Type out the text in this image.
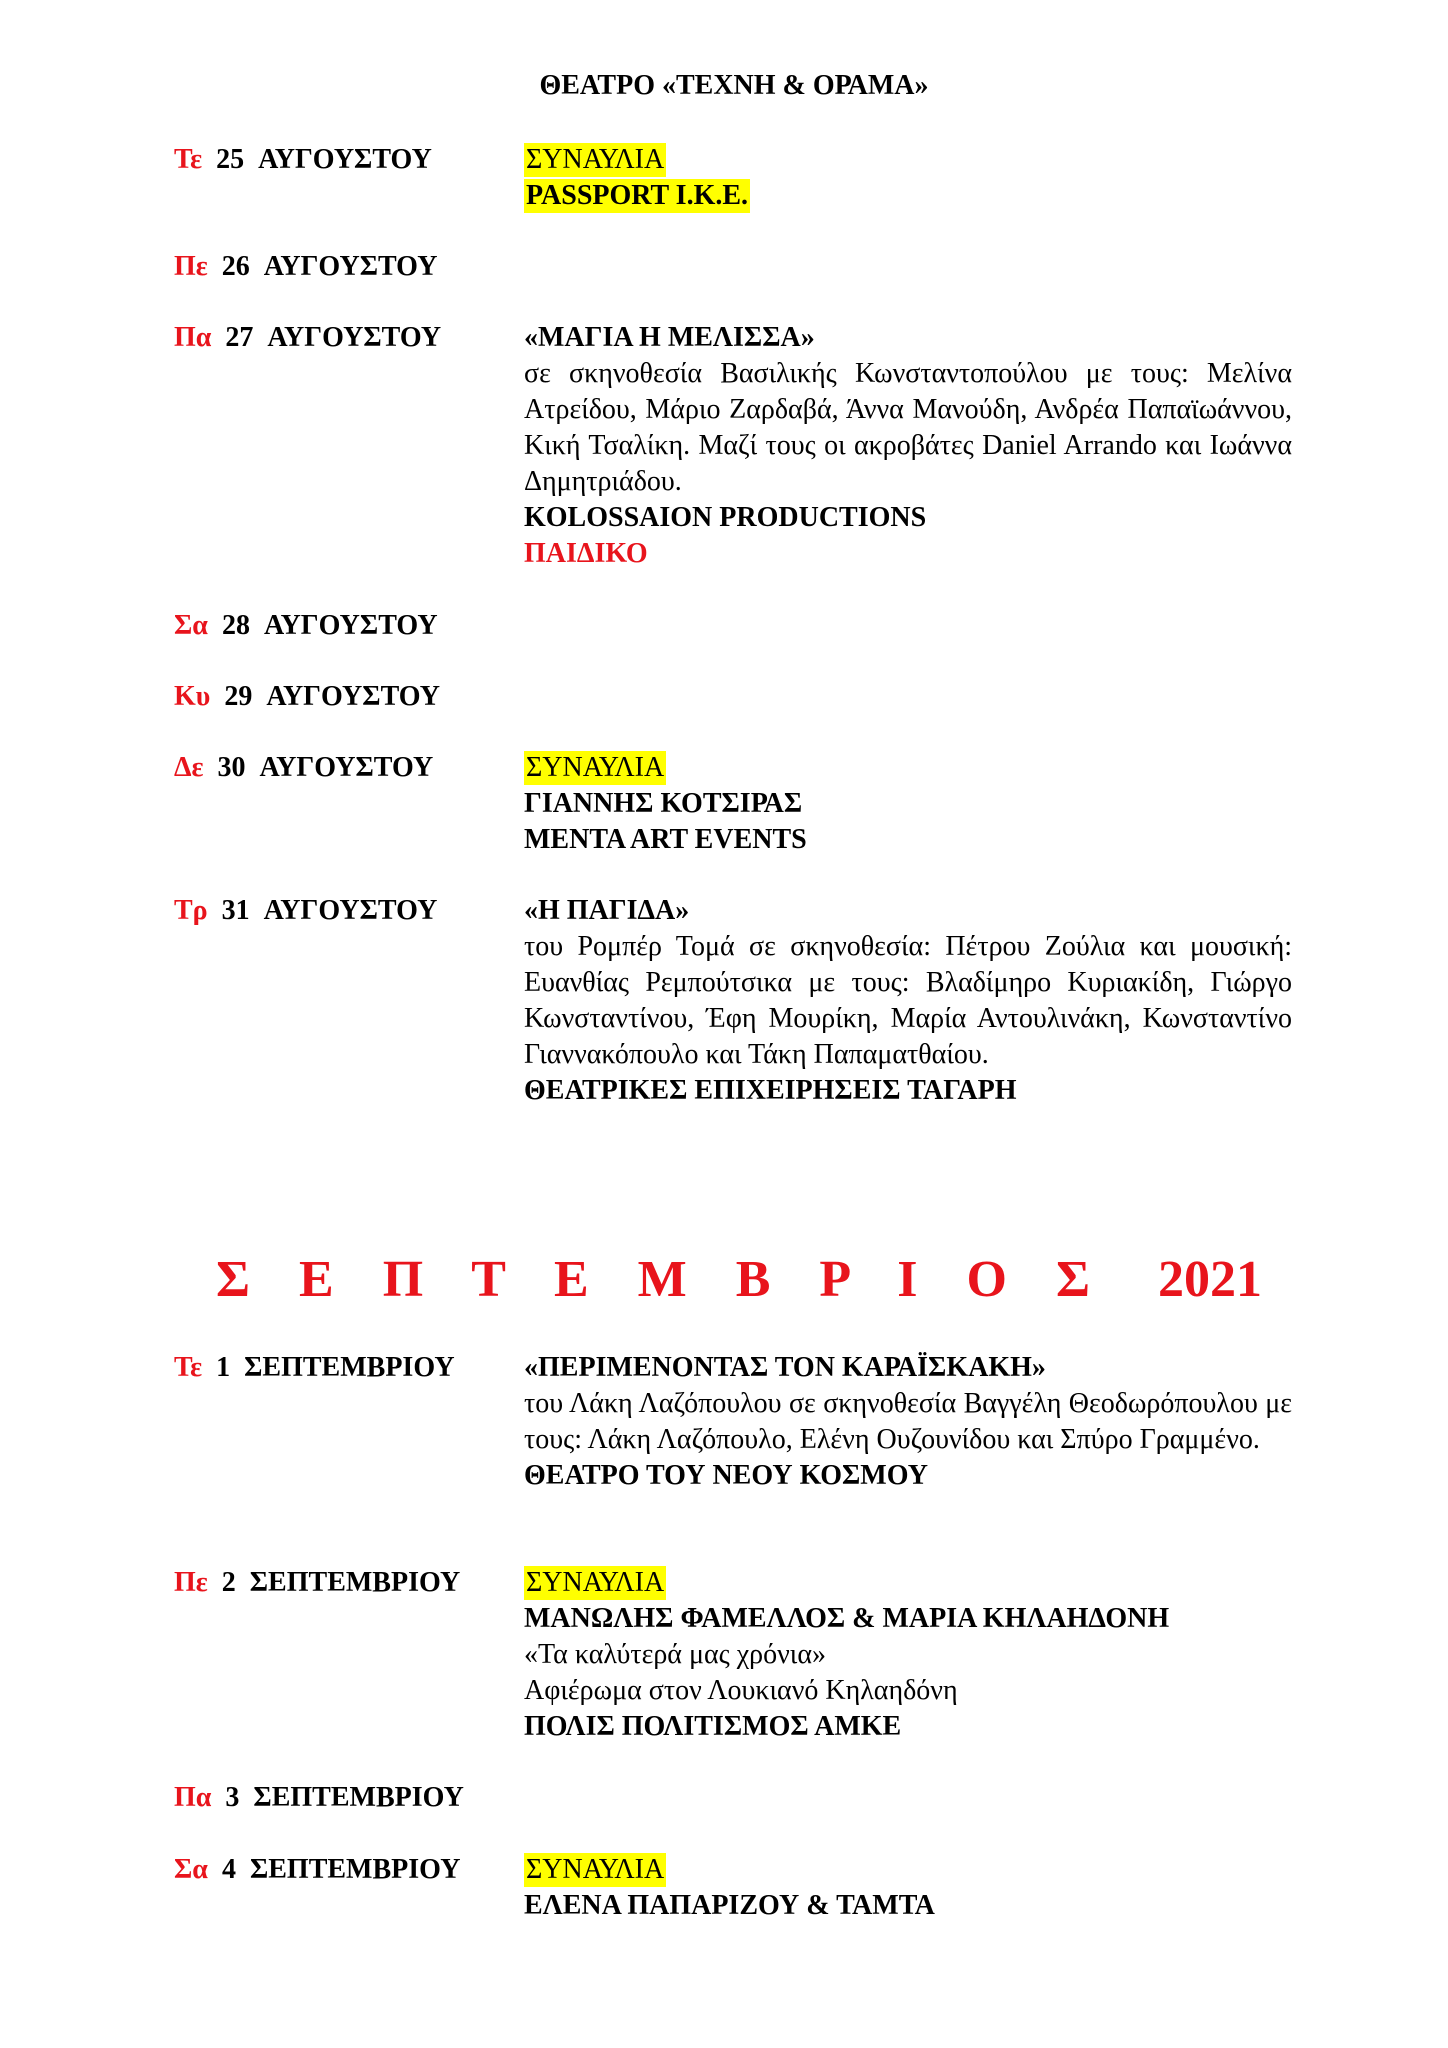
ΘΕΑΤΡΟ «ΤΕΧΝΗ & ΟΡΑΜΑ»
Τε 25 ΑΥΓΟΥΣΤΟΥ	ΣΥΝΑΥΛΙΑ
PASSPORT I.K.E.
Πε 26 ΑΥΓΟΥΣΤΟΥ
Πα 27 ΑΥΓΟΥΣΤΟΥ	«ΜΑΓΙΑ Η ΜΕΛΙΣΣΑ»
σε σκηνοθεσία Βασιλικής Κωνσταντοπούλου με τους: Μελίνα Ατρείδου, Μάριο Ζαρδαβά, Άννα Μανούδη, Ανδρέα Παπαϊωάννου, Κική Τσαλίκη. Μαζί τους οι ακροβάτες Daniel Arrando και Ιωάννα Δημητριάδου.
KOLOSSAION PRODUCTIONS
ΠΑΙΔΙΚΟ
Σα 28 ΑΥΓΟΥΣΤΟΥ
Κυ 29 ΑΥΓΟΥΣΤΟΥ
Δε 30 ΑΥΓΟΥΣΤΟΥ	ΣΥΝΑΥΛΙΑ
ΓΙΑΝΝΗΣ ΚΟΤΣΙΡΑΣ
MENTA ART EVENTS
Τρ 31 ΑΥΓΟΥΣΤΟΥ	«Η ΠΑΓΙΔΑ»
του Ρομπέρ Τομά σε σκηνοθεσία: Πέτρου Ζούλια και μουσική: Ευανθίας Ρεμπούτσικα με τους: Βλαδίμηρο Κυριακίδη, Γιώργο Κωνσταντίνου, Έφη Μουρίκη, Μαρία Αντουλινάκη, Κωνσταντίνο Γιαννακόπουλο και Τάκη Παπαματθαίου.
ΘΕΑΤΡΙΚΕΣ ΕΠΙΧΕΙΡΗΣΕΙΣ ΤΑΓΑΡΗ
Σ Ε Π Τ Ε Μ Β Ρ Ι Ο Σ 2021
Τε 1 ΣΕΠΤΕΜΒΡΙΟΥ	«ΠΕΡΙΜΕΝΟΝΤΑΣ ΤΟΝ ΚΑΡΑΪΣΚΑΚΗ»
του Λάκη Λαζόπουλου σε σκηνοθεσία Βαγγέλη Θεοδωρόπουλου με τους: Λάκη Λαζόπουλο, Ελένη Ουζουνίδου και Σπύρο Γραμμένο.
ΘΕΑΤΡΟ ΤΟΥ ΝΕΟΥ ΚΟΣΜΟΥ
Πε 2 ΣΕΠΤΕΜΒΡΙΟΥ	ΣΥΝΑΥΛΙΑ
ΜΑΝΩΛΗΣ ΦΑΜΕΛΛΟΣ & ΜΑΡΙΑ ΚΗΛΑΗΔΟΝΗ
«Τα καλύτερά μας χρόνια»
Αφιέρωμα στον Λουκιανό Κηλαηδόνη
ΠΟΛΙΣ ΠΟΛΙΤΙΣΜΟΣ ΑΜΚΕ
Πα 3 ΣΕΠΤΕΜΒΡΙΟΥ
Σα 4 ΣΕΠΤΕΜΒΡΙΟΥ	ΣΥΝΑΥΛΙΑ
ΕΛΕΝΑ ΠΑΠΑΡΙΖΟΥ & ΤΑΜΤΑ
